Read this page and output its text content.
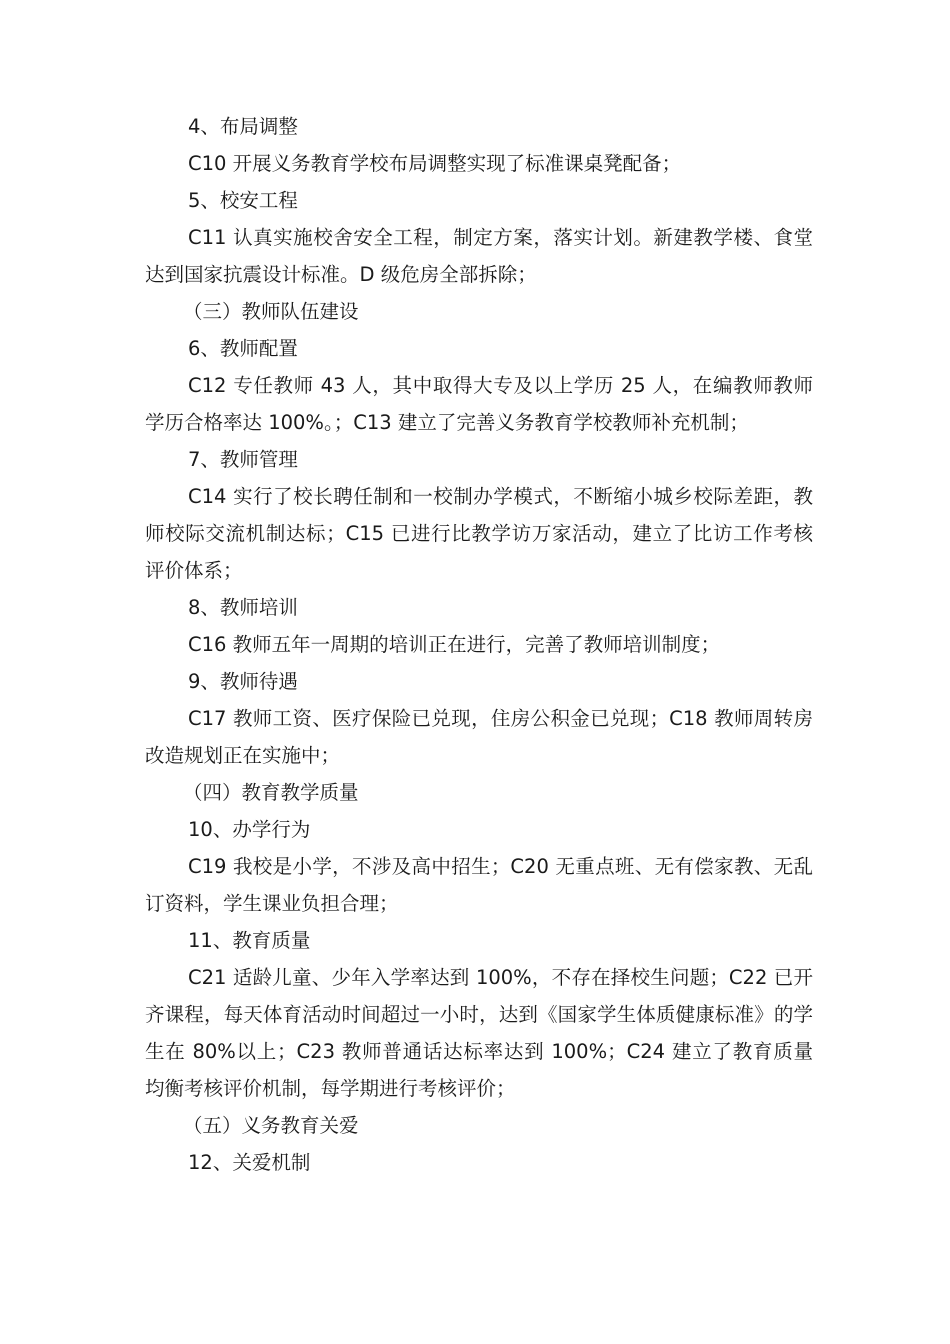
4、布局调整
C10 开展义务教育学校布局调整实现了标准课桌凳配备；
5、校安工程
C11 认真实施校舍安全工程，制定方案，落实计划。新建教学楼、食堂达到国家抗震设计标准。D 级危房全部拆除；
（三）教师队伍建设
6、教师配置
C12 专任教师 43 人，其中取得大专及以上学历 25 人，在编教师教师学历合格率达 100%。；C13 建立了完善义务教育学校教师补充机制；
7、教师管理
C14 实行了校长聘任制和一校制办学模式，不断缩小城乡校际差距，教师校际交流机制达标；C15 已进行比教学访万家活动，建立了比访工作考核评价体系；
8、教师培训
C16 教师五年一周期的培训正在进行，完善了教师培训制度；
9、教师待遇
C17 教师工资、医疗保险已兑现，住房公积金已兑现；C18 教师周转房改造规划正在实施中；
（四）教育教学质量
10、办学行为
C19 我校是小学，不涉及高中招生；C20 无重点班、无有偿家教、无乱订资料，学生课业负担合理；
11、教育质量
C21 适龄儿童、少年入学率达到 100%，不存在择校生问题；C22 已开齐课程，每天体育活动时间超过一小时，达到《国家学生体质健康标准》的学生在 80%以上；C23 教师普通话达标率达到 100%；C24 建立了教育质量均衡考核评价机制，每学期进行考核评价；
（五）义务教育关爱
12、关爱机制
